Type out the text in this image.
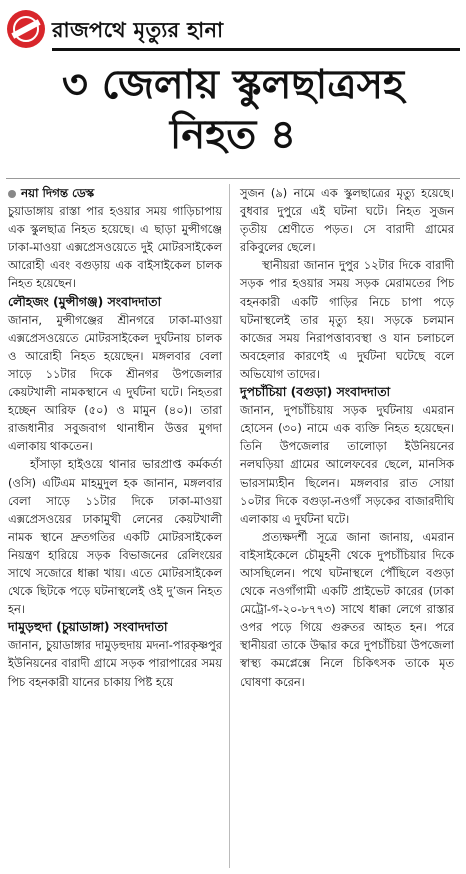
রাজপথে মৃত্যুর হানা
৩ জেলায় স্কুলছাত্রসহ
নিহত ৪

নয়া দিগন্ত ডেস্ক

চুয়াডাঙ্গায় রাস্তা পার হওয়ার সময় গাড়িচাপায় এক স্কুলছাত্র নিহত হয়েছে। এ ছাড়া মুন্সীগঞ্জে ঢাকা-মাওয়া এক্সপ্রেসওয়েতে দুই মোটরসাইকেল আরোহী এবং বগুড়ায় এক বাইসাইকেল চালক নিহত হয়েছেন।

লৌহজং (মুন্সীগঞ্জ) সংবাদদাতা

জানান, মুন্সীগঞ্জের শ্রীনগরে ঢাকা-মাওয়া এক্সপ্রেসওয়েতে মোটরসাইকেল দুর্ঘটনায় চালক ও আরোহী নিহত হয়েছেন। মঙ্গলবার বেলা সাড়ে ১১টার দিকে শ্রীনগর উপজেলার কেয়টখালী নামকস্থানে এ দুর্ঘটনা ঘটে। নিহতরা হচ্ছেন আরিফ (৫০) ও মামুন (৪০)। তারা রাজধানীর সবুজবাগ থানাধীন উত্তর মুগদা এলাকায় থাকতেন।

হাঁসাড়া হাইওয়ে থানার ভারপ্রাপ্ত কর্মকর্তা (ওসি) এটিএম মাহমুদুল হক জানান, মঙ্গলবার বেলা সাড়ে ১১টার দিকে ঢাকা-মাওয়া এক্সপ্রেসওয়ের ঢাকামুখী লেনের কেয়টখালী নামক স্থানে দ্রুতগতির একটি মোটরসাইকেল নিয়ন্ত্রণ হারিয়ে সড়ক বিভাজনের রেলিংয়ের সাথে সজোরে ধাক্কা খায়। এতে মোটরসাইকেল থেকে ছিটকে পড়ে ঘটনাস্থলেই ওই দু’জন নিহত হন।

দামুড়হুদা (চুয়াডাঙ্গা) সংবাদদাতা

জানান, চুয়াডাঙ্গার দামুড়হুদায় মদনা-পারকৃষ্ণপুর ইউনিয়নের বারাদী গ্রামে সড়ক পারাপারের সময় পিচ বহনকারী যানের চাকায় পিষ্ট হয়ে

সুজন (৯) নামে এক স্কুলছাত্রের মৃত্যু হয়েছে। বুধবার দুপুরে এই ঘটনা ঘটে। নিহত সুজন তৃতীয় শ্রেণীতে পড়ত। সে বারাদী গ্রামের রকিবুলের ছেলে।

স্থানীয়রা জানান দুপুর ১২টার দিকে বারাদী সড়ক পার হওয়ার সময় সড়ক মেরামতের পিচ বহনকারী একটি গাড়ির নিচে চাপা পড়ে ঘটনাস্থলেই তার মৃত্যু হয়। সড়কে চলমান কাজের সময় নিরাপত্তাব্যবস্থা ও যান চলাচলে অবহেলার কারণেই এ দুর্ঘটনা ঘটেছে বলে অভিযোগ তাদের।

দুপচাঁচিয়া (বগুড়া) সংবাদদাতা

জানান, দুপচাঁচিয়ায় সড়ক দুর্ঘটনায় এমরান হোসেন (৩০) নামে এক ব্যক্তি নিহত হয়েছেন। তিনি উপজেলার তালোড়া ইউনিয়নের নলঘড়িয়া গ্রামের আলেফবের ছেলে, মানসিক ভারসাম্যহীন ছিলেন। মঙ্গলবার রাত সোয়া ১০টার দিকে বগুড়া-নওগাঁ সড়কের বাজারদীঘি এলাকায় এ দুর্ঘটনা ঘটে।

প্রত্যক্ষদর্শী সূত্রে জানা জানায়, এমরান বাইসাইকেলে চৌমুহনী থেকে দুপচাঁচিয়ার দিকে আসছিলেন। পথে ঘটনাস্থলে পৌঁছিলে বগুড়া থেকে নওগাঁগামী একটি প্রাইভেট কারের (ঢাকা মেট্রো-গ-২০-৮৭৭৩) সাথে ধাক্কা লেগে রাস্তার ওপর পড়ে গিয়ে গুরুতর আহত হন। পরে স্থানীয়রা তাকে উদ্ধার করে দুপচাঁচিয়া উপজেলা স্বাস্থ্য কমপ্লেক্সে নিলে চিকিৎসক তাকে মৃত ঘোষণা করেন।
